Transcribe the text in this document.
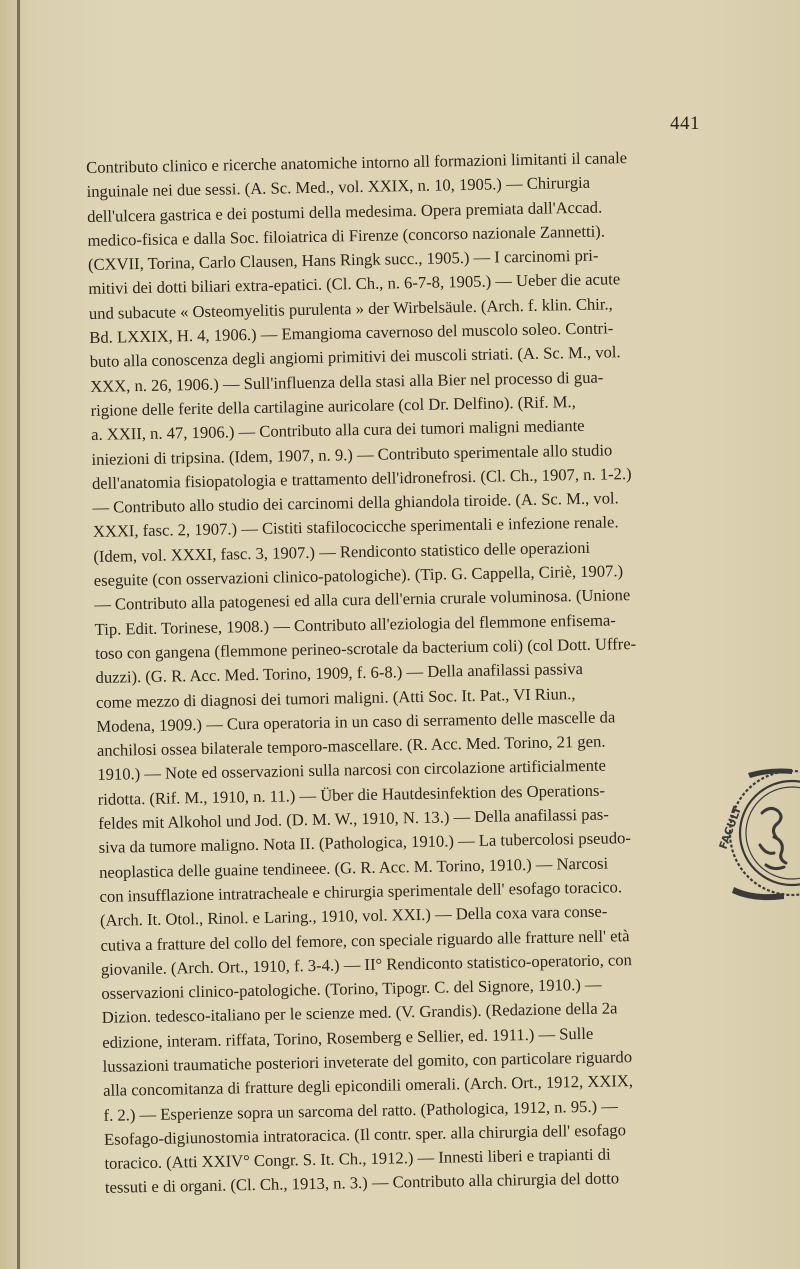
441
Contributo clinico e ricerche anatomiche intorno all formazioni limitanti il canale
inguinale nei due sessi. (A. Sc. Med., vol. XXIX, n. 10, 1905.) — Chirurgia
dell'ulcera gastrica e dei postumi della medesima. Opera premiata dall'Accad.
medico-fisica e dalla Soc. filoiatrica di Firenze (concorso nazionale Zannetti).
(CXVII, Torina, Carlo Clausen, Hans Ringk succ., 1905.) — I carcinomi pri-
mitivi dei dotti biliari extra-epatici. (Cl. Ch., n. 6-7-8, 1905.) — Ueber die acute
und subacute « Osteomyelitis purulenta » der Wirbelsäule. (Arch. f. klin. Chir.,
Bd. LXXIX, H. 4, 1906.) — Emangioma cavernoso del muscolo soleo. Contri-
buto alla conoscenza degli angiomi primitivi dei muscoli striati. (A. Sc. M., vol.
XXX, n. 26, 1906.) — Sull'influenza della stasi alla Bier nel processo di gua-
rigione delle ferite della cartilagine auricolare (col Dr. Delfino). (Rif. M.,
a. XXII, n. 47, 1906.) — Contributo alla cura dei tumori maligni mediante
iniezioni di tripsina. (Idem, 1907, n. 9.) — Contributo sperimentale allo studio
dell'anatomia fisiopatologia e trattamento dell'idronefrosi. (Cl. Ch., 1907, n. 1-2.)
— Contributo allo studio dei carcinomi della ghiandola tiroide. (A. Sc. M., vol.
XXXI, fasc. 2, 1907.) — Cistiti stafilococicche sperimentali e infezione renale.
(Idem, vol. XXXI, fasc. 3, 1907.) — Rendiconto statistico delle operazioni
eseguite (con osservazioni clinico-patologiche). (Tip. G. Cappella, Ciriè, 1907.)
— Contributo alla patogenesi ed alla cura dell'ernia crurale voluminosa. (Unione
Tip. Edit. Torinese, 1908.) — Contributo all'eziologia del flemmone enfisema-
toso con gangena (flemmone perineo-scrotale da bacterium coli) (col Dott. Uffre-
duzzi). (G. R. Acc. Med. Torino, 1909, f. 6-8.) — Della anafilassi passiva
come mezzo di diagnosi dei tumori maligni. (Atti Soc. It. Pat., VI Riun.,
Modena, 1909.) — Cura operatoria in un caso di serramento delle mascelle da
anchilosi ossea bilaterale temporo-mascellare. (R. Acc. Med. Torino, 21 gen.
1910.) — Note ed osservazioni sulla narcosi con circolazione artificialmente
ridotta. (Rif. M., 1910, n. 11.) — Über die Hautdesinfektion des Operations-
feldes mit Alkohol und Jod. (D. M. W., 1910, N. 13.) — Della anafilassi pas-
siva da tumore maligno. Nota II. (Pathologica, 1910.) — La tubercolosi pseudo-
neoplastica delle guaine tendineee. (G. R. Acc. M. Torino, 1910.) — Narcosi
con insufflazione intratracheale e chirurgia sperimentale dell' esofago toracico.
(Arch. It. Otol., Rinol. e Laring., 1910, vol. XXI.) — Della coxa vara conse-
cutiva a fratture del collo del femore, con speciale riguardo alle fratture nell' età
giovanile. (Arch. Ort., 1910, f. 3-4.) — II° Rendiconto statistico-operatorio, con
osservazioni clinico-patologiche. (Torino, Tipogr. C. del Signore, 1910.) —
Dizion. tedesco-italiano per le scienze med. (V. Grandis). (Redazione della 2a
edizione, interam. riffata, Torino, Rosemberg e Sellier, ed. 1911.) — Sulle
lussazioni traumatiche posteriori inveterate del gomito, con particolare riguardo
alla concomitanza di fratture degli epicondili omerali. (Arch. Ort., 1912, XXIX,
f. 2.) — Esperienze sopra un sarcoma del ratto. (Pathologica, 1912, n. 95.) —
Esofago-digiunostomia intratoracica. (Il contr. sper. alla chirurgia dell' esofago
toracico. (Atti XXIV° Congr. S. It. Ch., 1912.) — Innesti liberi e trapianti di
tessuti e di organi. (Cl. Ch., 1913, n. 3.) — Contributo alla chirurgia del dotto
FACULT
